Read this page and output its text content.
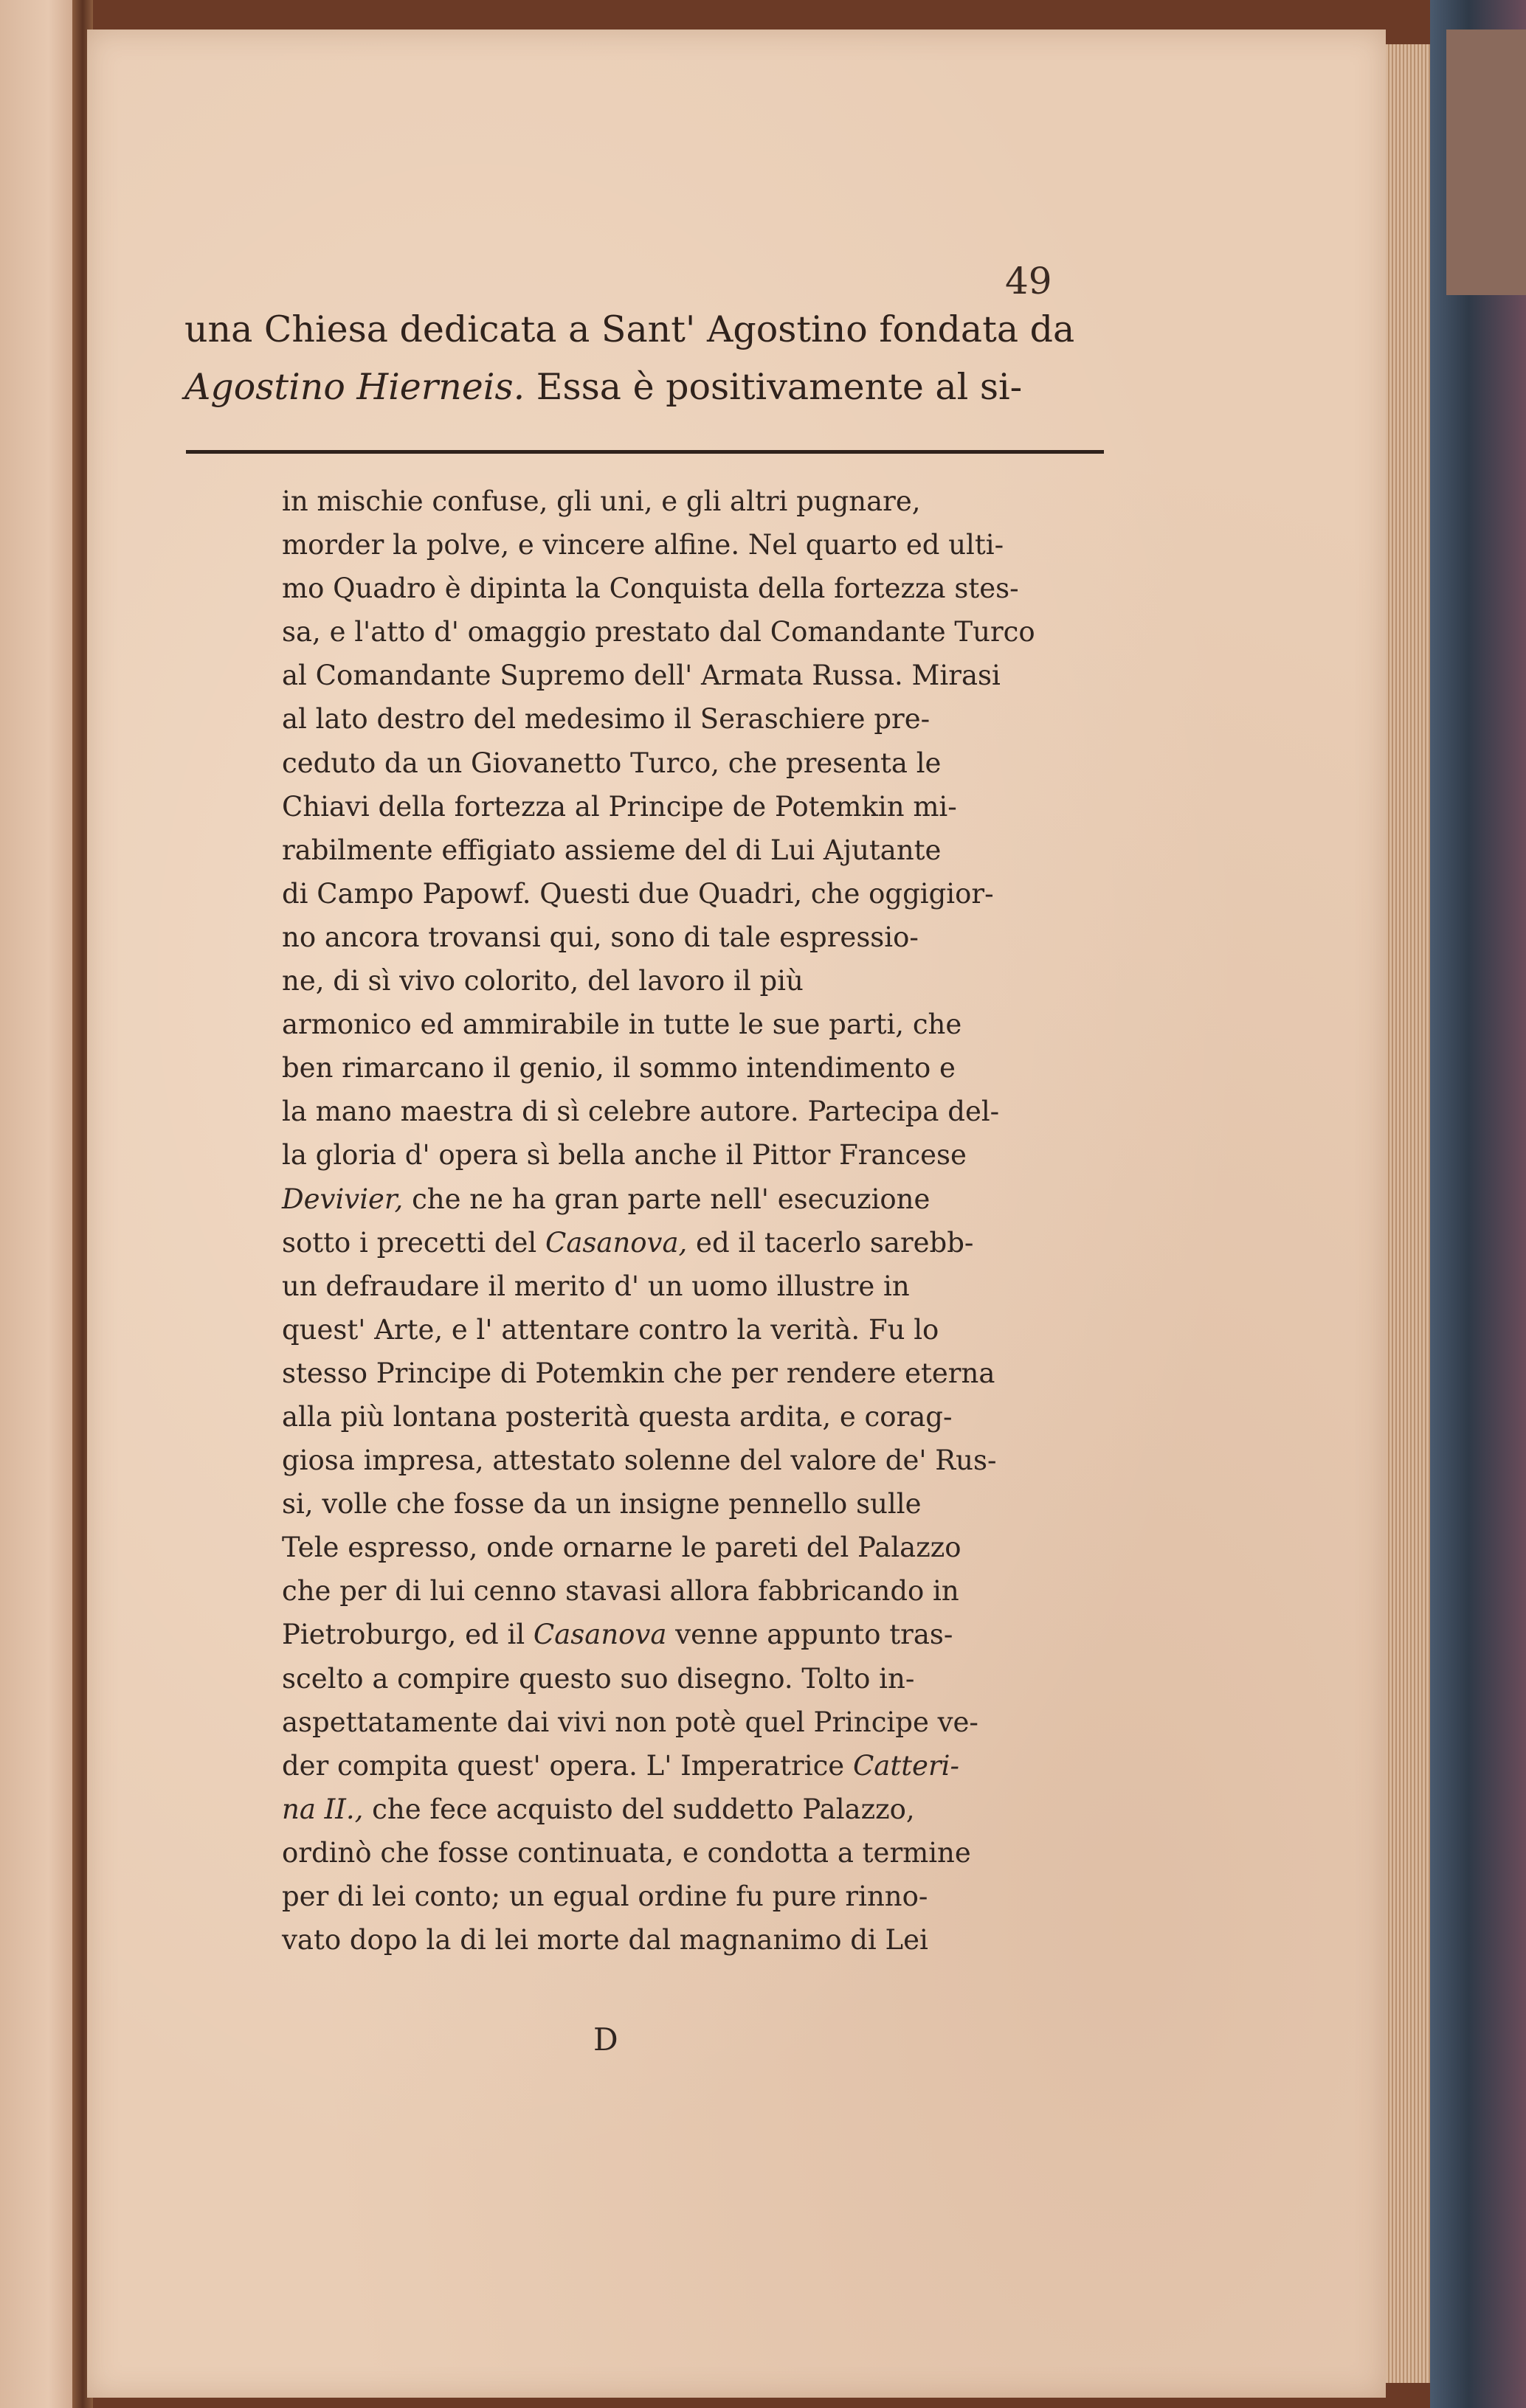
49
una Chiesa dedicata a Sant' Agostino fondata da
Agostino Hierneis. Essa è positivamente al si-
in mischie confuse, gli uni, e gli altri pugnare,
morder la polve, e vincere alfine. Nel quarto ed ulti-
mo Quadro è dipinta la Conquista della fortezza stes-
sa, e l'atto d' omaggio prestato dal Comandante Turco
al Comandante Supremo dell' Armata Russa. Mirasi
al lato destro del medesimo il Seraschiere pre-
ceduto da un Giovanetto Turco, che presenta le
Chiavi della fortezza al Principe de Potemkin mi-
rabilmente effigiato assieme del di Lui Ajutante
di Campo Papowf. Questi due Quadri, che oggigior-
no ancora trovansi qui, sono di tale espressio-
ne, di sì vivo colorito, del lavoro il più
armonico ed ammirabile in tutte le sue parti, che
ben rimarcano il genio, il sommo intendimento e
la mano maestra di sì celebre autore. Partecipa del-
la gloria d' opera sì bella anche il Pittor Francese
Devivier, che ne ha gran parte nell' esecuzione
sotto i precetti del Casanova, ed il tacerlo sarebb-
un defraudare il merito d' un uomo illustre in
quest' Arte, e l' attentare contro la verità. Fu lo
stesso Principe di Potemkin che per rendere eterna
alla più lontana posterità questa ardita, e corag-
giosa impresa, attestato solenne del valore de' Rus-
si, volle che fosse da un insigne pennello sulle
Tele espresso, onde ornarne le pareti del Palazzo
che per di lui cenno stavasi allora fabbricando in
Pietroburgo, ed il Casanova venne appunto tras-
scelto a compire questo suo disegno. Tolto in-
aspettatamente dai vivi non potè quel Principe ve-
der compita quest' opera. L' Imperatrice Catteri-
na II., che fece acquisto del suddetto Palazzo,
ordinò che fosse continuata, e condotta a termine
per di lei conto; un egual ordine fu pure rinno-
vato dopo la di lei morte dal magnanimo di Lei
D
